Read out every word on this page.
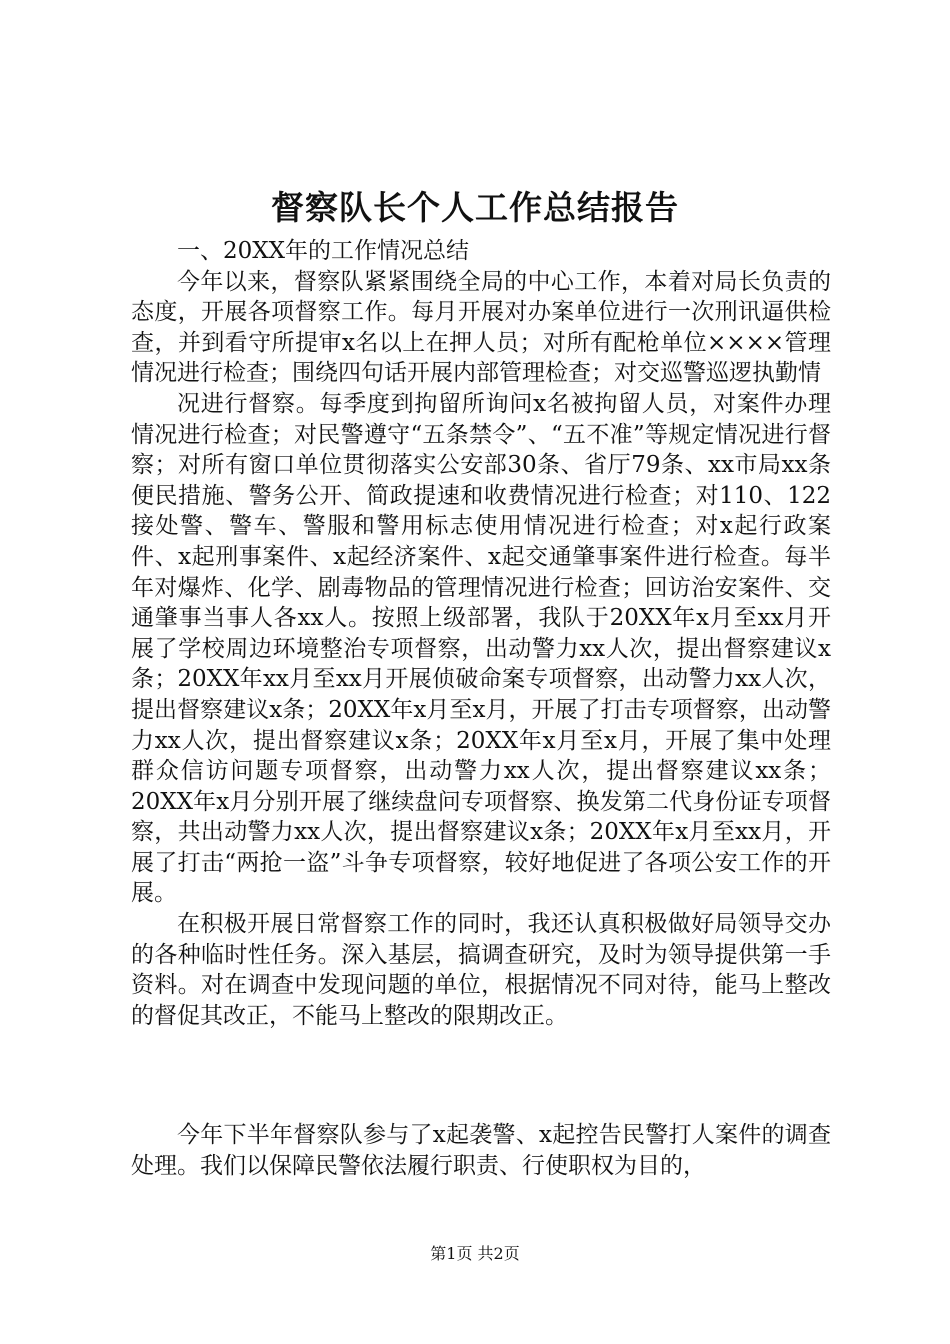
督察队长个人工作总结报告

一、20XX年的工作情况总结

今年以来，督察队紧紧围绕全局的中心工作，本着对局长负责的态度，开展各项督察工作。每月开展对办案单位进行一次刑讯逼供检查，并到看守所提审x名以上在押人员；对所有配枪单位××××管理情况进行检查；围绕四句话开展内部管理检查；对交巡警巡逻执勤情

况进行督察。每季度到拘留所询问x名被拘留人员，对案件办理情况进行检查；对民警遵守“五条禁令”、“五不准”等规定情况进行督察；对所有窗口单位贯彻落实公安部30条、省厅79条、xx市局xx条便民措施、警务公开、简政提速和收费情况进行检查；对110、122接处警、警车、警服和警用标志使用情况进行检查；对x起行政案件、x起刑事案件、x起经济案件、x起交通肇事案件进行检查。每半年对爆炸、化学、剧毒物品的管理情况进行检查；回访治安案件、交通肇事当事人各xx人。按照上级部署，我队于20XX年x月至xx月开展了学校周边环境整治专项督察，出动警力xx人次，提出督察建议x条；20XX年xx月至xx月开展侦破命案专项督察，出动警力xx人次，提出督察建议x条；20XX年x月至x月，开展了打击专项督察，出动警力xx人次，提出督察建议x条；20XX年x月至x月，开展了集中处理群众信访问题专项督察，出动警力xx人次，提出督察建议xx条；20XX年x月分别开展了继续盘问专项督察、换发第二代身份证专项督察，共出动警力xx人次，提出督察建议x条；20XX年x月至xx月，开展了打击“两抢一盗”斗争专项督察，较好地促进了各项公安工作的开展。

在积极开展日常督察工作的同时，我还认真积极做好局领导交办的各种临时性任务。深入基层，搞调查研究，及时为领导提供第一手资料。对在调查中发现问题的单位，根据情况不同对待，能马上整改的督促其改正，不能马上整改的限期改正。

今年下半年督察队参与了x起袭警、x起控告民警打人案件的调查处理。我们以保障民警依法履行职责、行使职权为目的，

第1页 共2页
